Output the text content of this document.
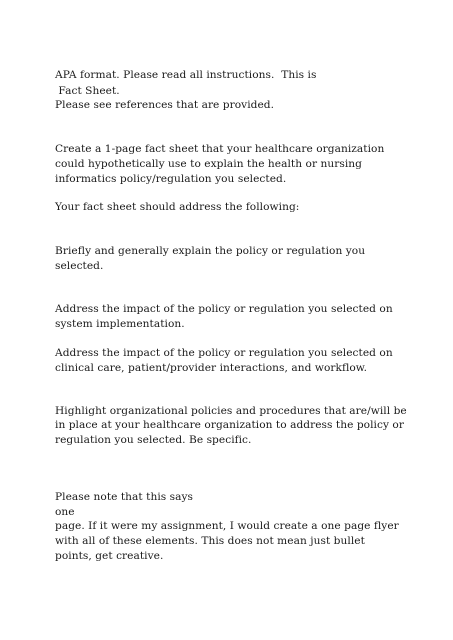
APA format. Please read all instructions.  This is
Fact Sheet.
Please see references that are provided.
Create a 1-page fact sheet that your healthcare organization
could hypothetically use to explain the health or nursing
informatics policy/regulation you selected.
Your fact sheet should address the following:
Briefly and generally explain the policy or regulation you
selected.
Address the impact of the policy or regulation you selected on
system implementation.
Address the impact of the policy or regulation you selected on
clinical care, patient/provider interactions, and workflow.
Highlight organizational policies and procedures that are/will be
in place at your healthcare organization to address the policy or
regulation you selected. Be specific.
Please note that this says
one
page. If it were my assignment, I would create a one page flyer
with all of these elements. This does not mean just bullet
points, get creative.
